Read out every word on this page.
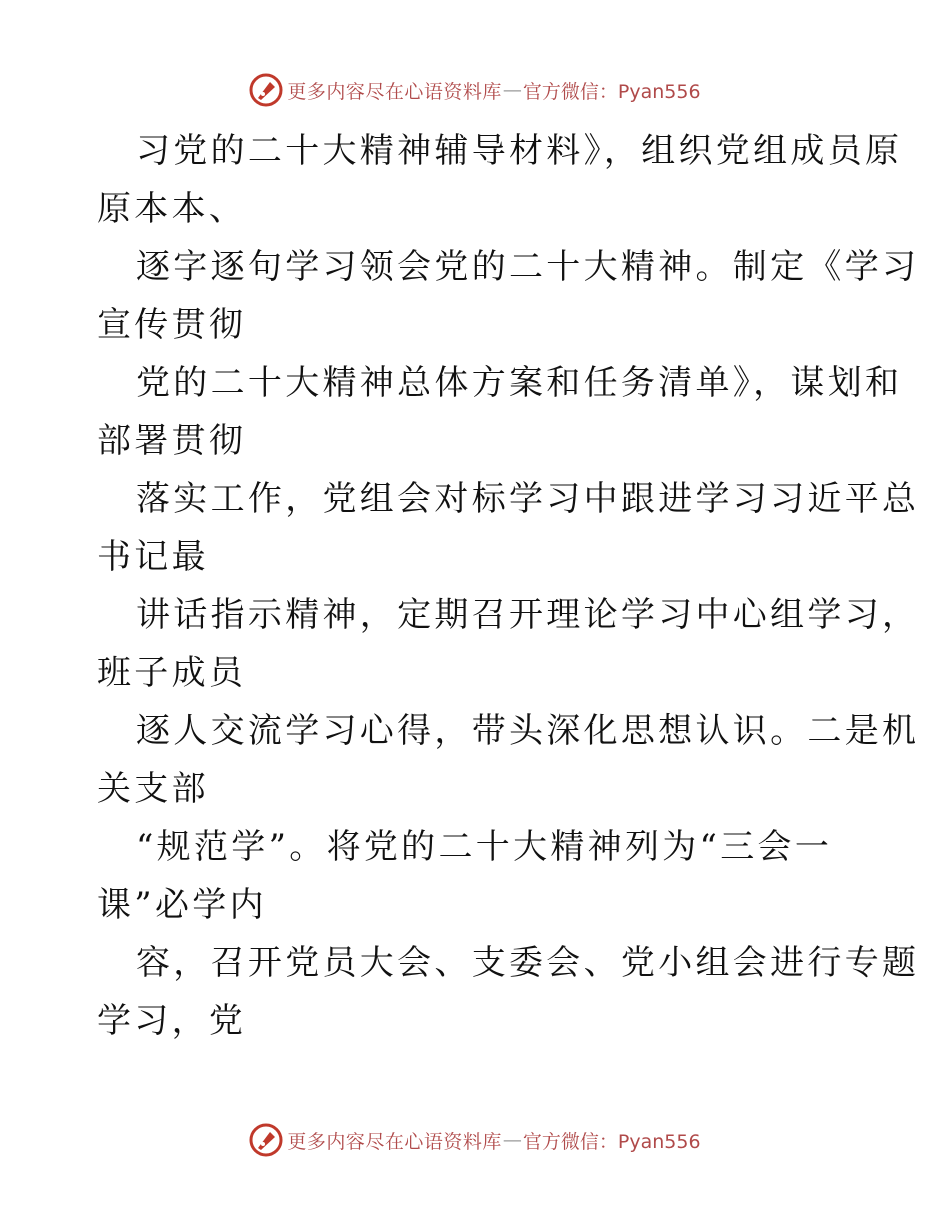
更多内容尽在心语资料库 — 官方微信：Pyan556
习党的二十大精神辅导材料》，组织党组成员原
原本本、
逐字逐句学习领会党的二十大精神。制定《学习
宣传贯彻
党的二十大精神总体方案和任务清单》，谋划和
部署贯彻
落实工作，党组会对标学习中跟进学习习近平总
书记最
讲话指示精神，定期召开理论学习中心组学习，
班子成员
逐人交流学习心得，带头深化思想认识。二是机
关支部
“规范学”。将党的二十大精神列为“三会一
课”必学内
容，召开党员大会、支委会、党小组会进行专题
学习，党
更多内容尽在心语资料库 — 官方微信：Pyan556
